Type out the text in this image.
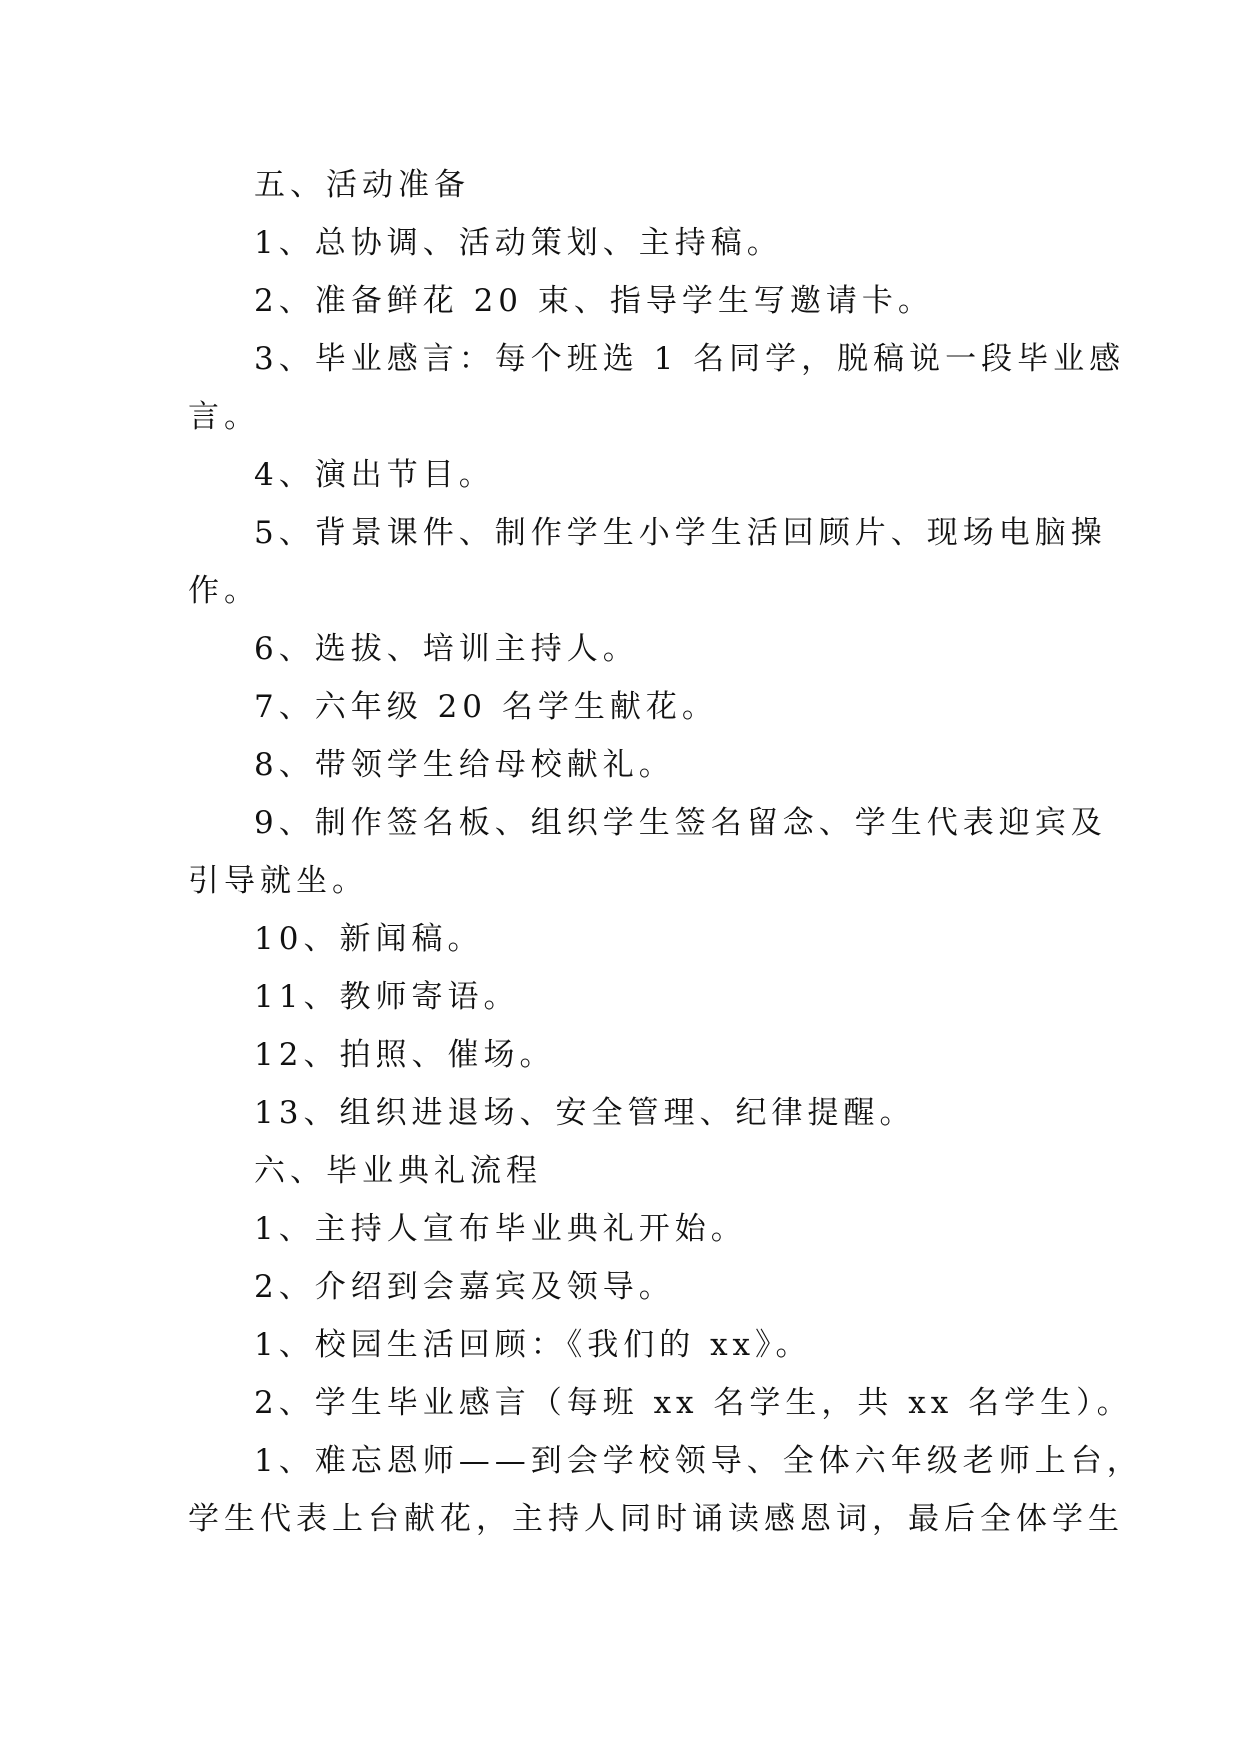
五、活动准备
1、总协调、活动策划、主持稿。
2、准备鲜花 20 束、指导学生写邀请卡。
3、毕业感言：每个班选 1 名同学，脱稿说一段毕业感
言。
4、演出节目。
5、背景课件、制作学生小学生活回顾片、现场电脑操
作。
6、选拔、培训主持人。
7、六年级 20 名学生献花。
8、带领学生给母校献礼。
9、制作签名板、组织学生签名留念、学生代表迎宾及
引导就坐。
10、新闻稿。
11、教师寄语。
12、拍照、催场。
13、组织进退场、安全管理、纪律提醒。
六、毕业典礼流程
1、主持人宣布毕业典礼开始。
2、介绍到会嘉宾及领导。
1、校园生活回顾：《我们的 xx》。
2、学生毕业感言（每班 xx 名学生，共 xx 名学生）。
1、难忘恩师——到会学校领导、全体六年级老师上台，
学生代表上台献花，主持人同时诵读感恩词，最后全体学生
